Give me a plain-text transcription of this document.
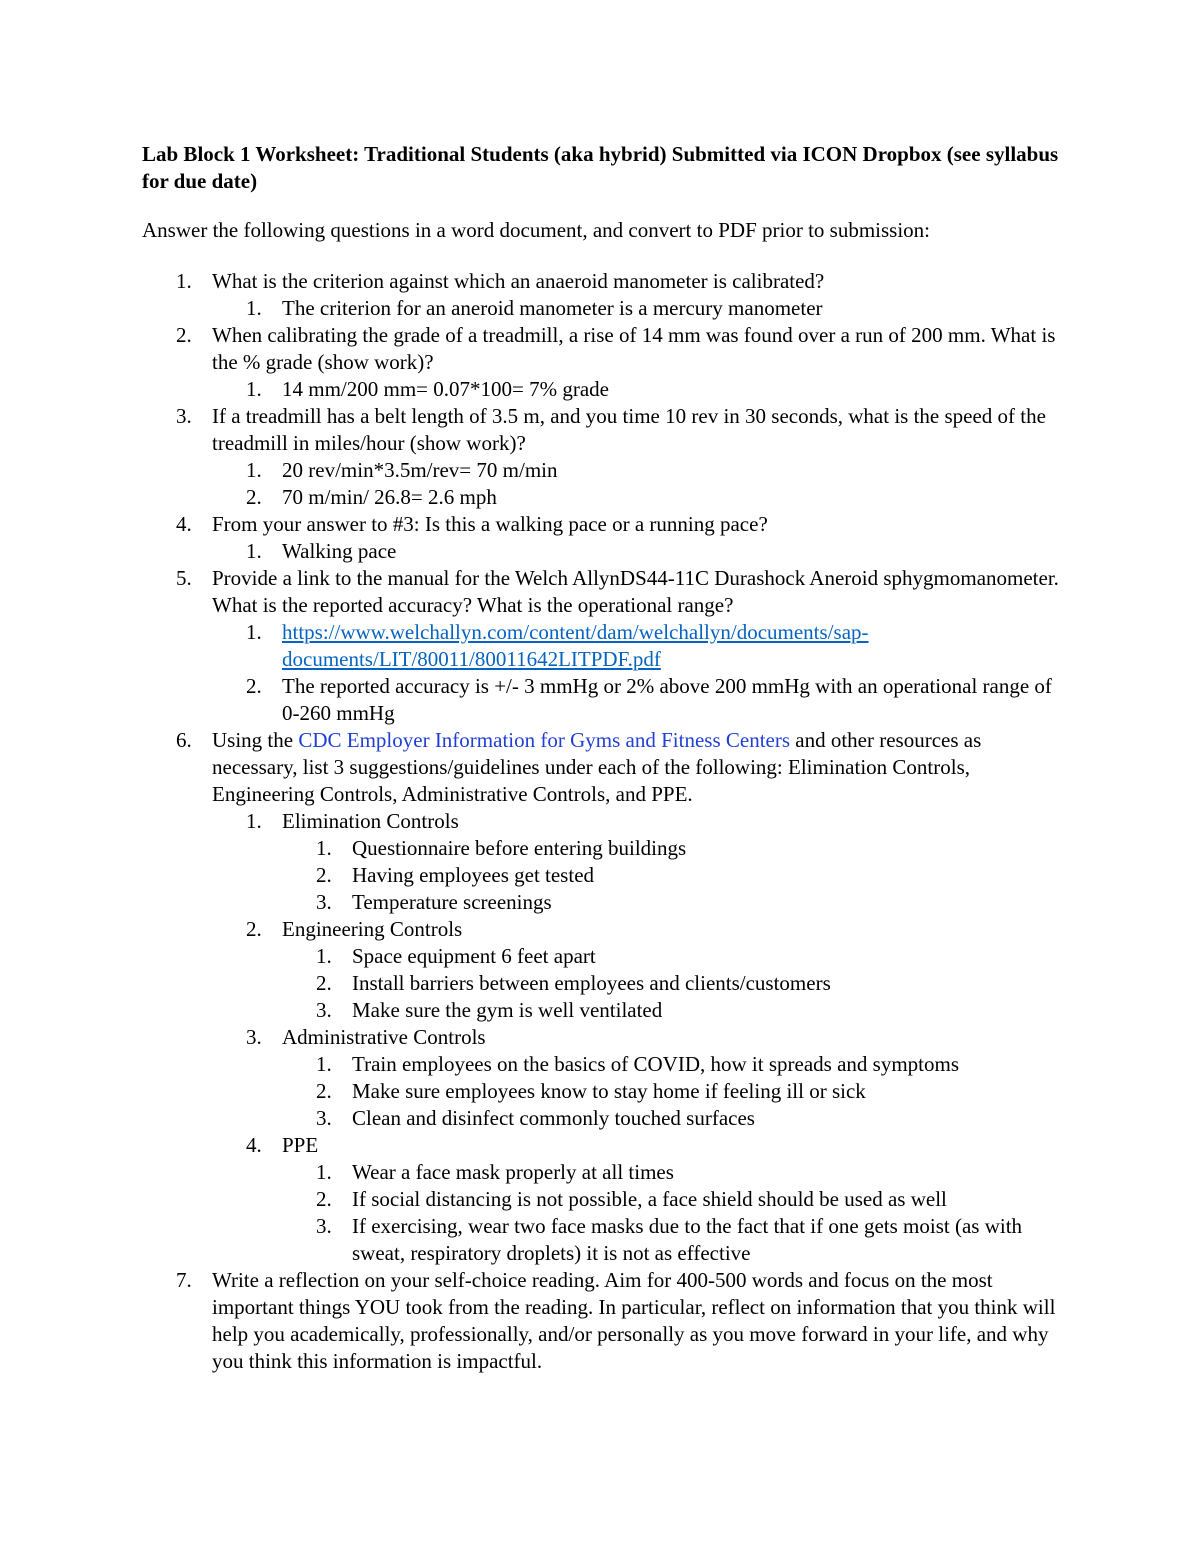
Lab Block 1 Worksheet: Traditional Students (aka hybrid) Submitted via ICON Dropbox (see syllabus for due date)

Answer the following questions in a word document, and convert to PDF prior to submission:

1. What is the criterion against which an anaeroid manometer is calibrated?
1. The criterion for an aneroid manometer is a mercury manometer
2. When calibrating the grade of a treadmill, a rise of 14 mm was found over a run of 200 mm. What is the % grade (show work)?
1. 14 mm/200 mm= 0.07*100= 7% grade
3. If a treadmill has a belt length of 3.5 m, and you time 10 rev in 30 seconds, what is the speed of the treadmill in miles/hour (show work)?
1. 20 rev/min*3.5m/rev= 70 m/min
2. 70 m/min/ 26.8= 2.6 mph
4. From your answer to #3: Is this a walking pace or a running pace?
1. Walking pace
5. Provide a link to the manual for the Welch AllynDS44-11C Durashock Aneroid sphygmomanometer. What is the reported accuracy? What is the operational range?
1. https://www.welchallyn.com/content/dam/welchallyn/documents/sap-documents/LIT/80011/80011642LITPDF.pdf
2. The reported accuracy is +/- 3 mmHg or 2% above 200 mmHg with an operational range of 0-260 mmHg
6. Using the CDC Employer Information for Gyms and Fitness Centers and other resources as necessary, list 3 suggestions/guidelines under each of the following: Elimination Controls, Engineering Controls, Administrative Controls, and PPE.
1. Elimination Controls
1. Questionnaire before entering buildings
2. Having employees get tested
3. Temperature screenings
2. Engineering Controls
1. Space equipment 6 feet apart
2. Install barriers between employees and clients/customers
3. Make sure the gym is well ventilated
3. Administrative Controls
1. Train employees on the basics of COVID, how it spreads and symptoms
2. Make sure employees know to stay home if feeling ill or sick
3. Clean and disinfect commonly touched surfaces
4. PPE
1. Wear a face mask properly at all times
2. If social distancing is not possible, a face shield should be used as well
3. If exercising, wear two face masks due to the fact that if one gets moist (as with sweat, respiratory droplets) it is not as effective
7. Write a reflection on your self-choice reading. Aim for 400-500 words and focus on the most important things YOU took from the reading. In particular, reflect on information that you think will help you academically, professionally, and/or personally as you move forward in your life, and why you think this information is impactful.
